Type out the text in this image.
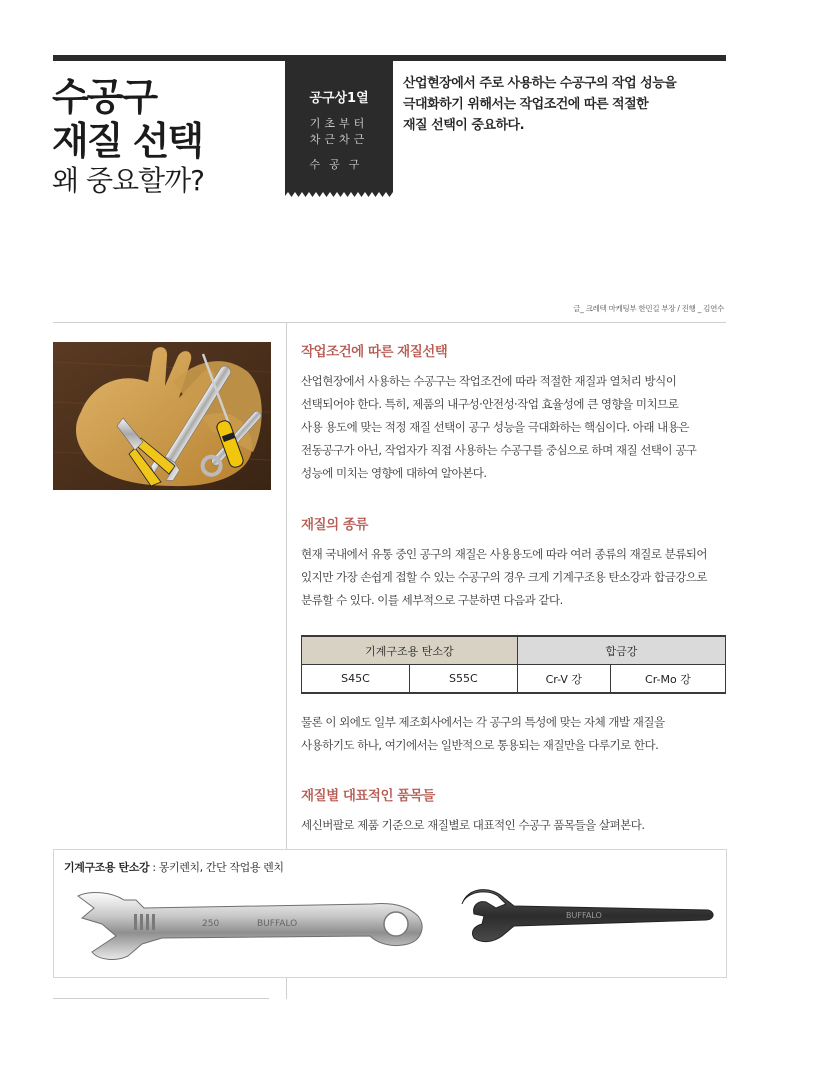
수공구
재질 선택
왜 중요할까?
공구상1열
기초부터
차근차근
수공구
산업현장에서 주로 사용하는 수공구의 작업 성능을
극대화하기 위해서는 작업조건에 따른 적절한
재질 선택이 중요하다.
글_ 크레텍 마케팅부 한민길 부장 / 진행 _ 김연수
작업조건에 따른 재질선택

산업현장에서 사용하는 수공구는 작업조건에 따라 적절한 재질과 열처리 방식이

선택되어야 한다. 특히, 제품의 내구성·안전성·작업 효율성에 큰 영향을 미치므로

사용 용도에 맞는 적정 재질 선택이 공구 성능을 극대화하는 핵심이다. 아래 내용은

전동공구가 아닌, 작업자가 직접 사용하는 수공구를 중심으로 하며 재질 선택이 공구

성능에 미치는 영향에 대하여 알아본다.

재질의 종류

현재 국내에서 유통 중인 공구의 재질은 사용용도에 따라 여러 종류의 재질로 분류되어

있지만 가장 손쉽게 접할 수 있는 수공구의 경우 크게 기계구조용 탄소강과 합금강으로

분류할 수 있다. 이를 세부적으로 구분하면 다음과 같다.

기계구조용 탄소강		합금강	
S45C	S55C	Cr-V 강	Cr-Mo 강

물론 이 외에도 일부 제조회사에서는 각 공구의 특성에 맞는 자체 개발 재질을

사용하기도 하나, 여기에서는 일반적으로 통용되는 재질만을 다루기로 한다.

재질별 대표적인 품목들

세신버팔로 제품 기준으로 재질별로 대표적인 수공구 품목들을 살펴본다.

기계구조용 탄소강 : 몽키렌치, 간단 작업용 렌치
250	BUFFALO
BUFFALO
